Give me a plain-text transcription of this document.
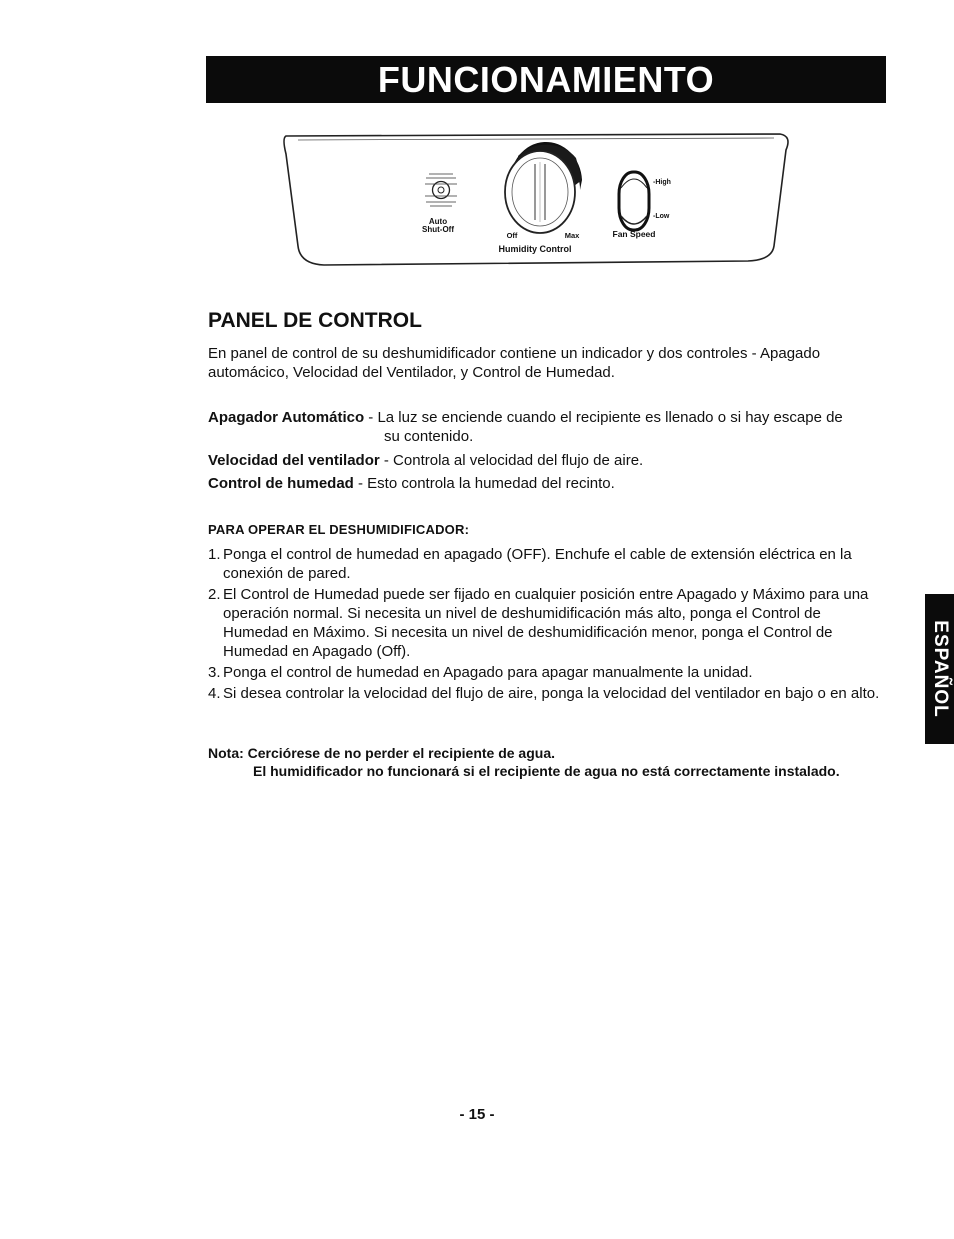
FUNCIONAMIENTO
Auto
Shut-Off
Off	Max
Humidity Control
-High
-Low
Fan Speed
PANEL DE CONTROL
En panel de control de su deshumidificador contiene un indicador y dos controles - Apagado automácico, Velocidad del Ventilador, y Control de Humedad.
Apagador Automático - La luz se enciende cuando el recipiente es llenado o si hay escape de
su contenido.
Velocidad del ventilador - Controla al velocidad del flujo de aire.
Control de humedad - Esto controla la humedad del recinto.
PARA OPERAR EL DESHUMIDIFICADOR:
1. Ponga el control de humedad en apagado (OFF). Enchufe el cable de extensión eléctrica en la conexión de pared.
2. El Control de Humedad puede ser fijado en cualquier posición entre Apagado y Máximo para una operación normal. Si necesita un nivel de deshumidificación más alto, ponga el Control de Humedad en Máximo. Si necesita un nivel de deshumidificación menor, ponga el Control de Humedad en Apagado (Off).
3. Ponga el control de humedad en Apagado para apagar manualmente la unidad.
4. Si desea controlar la velocidad del flujo de aire, ponga la velocidad del ventilador en bajo o en alto.
Nota: Cerciórese de no perder el recipiente de agua.
El humidificador no funcionará si el recipiente de agua no está correctamente instalado.
ESPAÑOL
- 15 -
